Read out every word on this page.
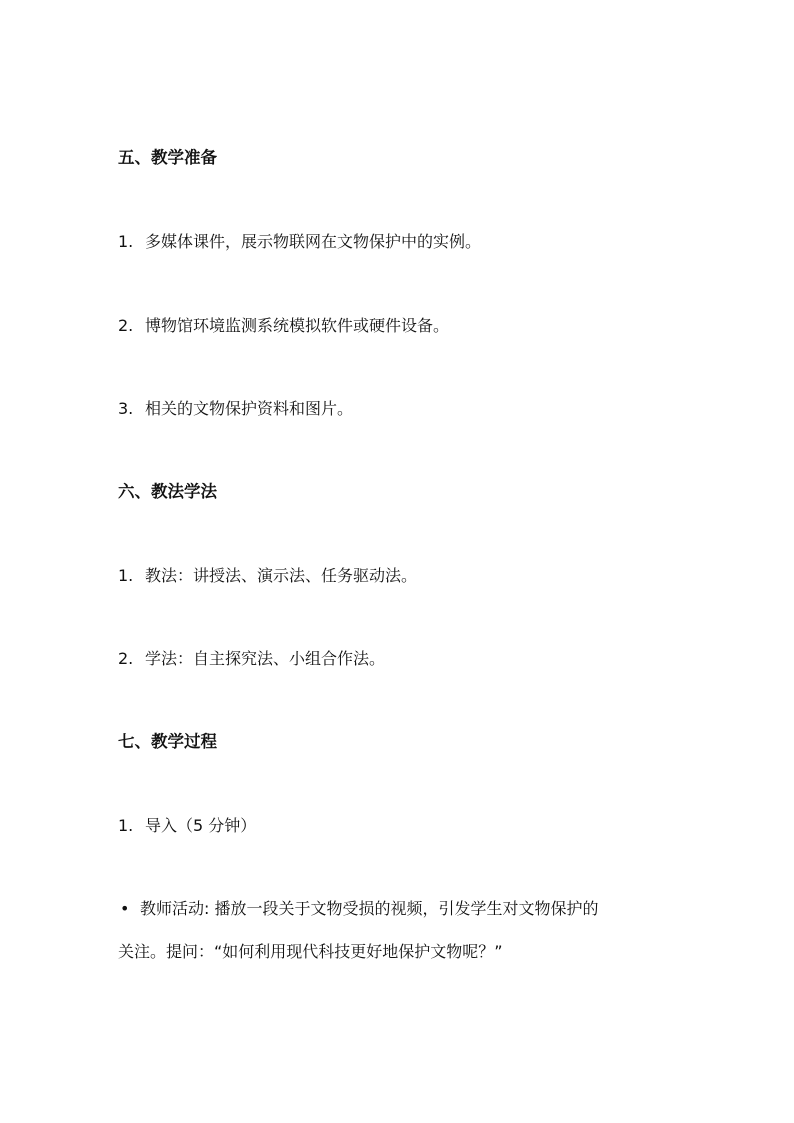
五、教学准备
1. 多媒体课件，展示物联网在文物保护中的实例。
2. 博物馆环境监测系统模拟软件或硬件设备。
3. 相关的文物保护资料和图片。
六、教法学法
1. 教法：讲授法、演示法、任务驱动法。
2. 学法：自主探究法、小组合作法。
七、教学过程
1. 导入（5 分钟）
• 教师活动: 播放一段关于文物受损的视频，引发学生对文物保护的
关注。提问：“如何利用现代科技更好地保护文物呢？”
